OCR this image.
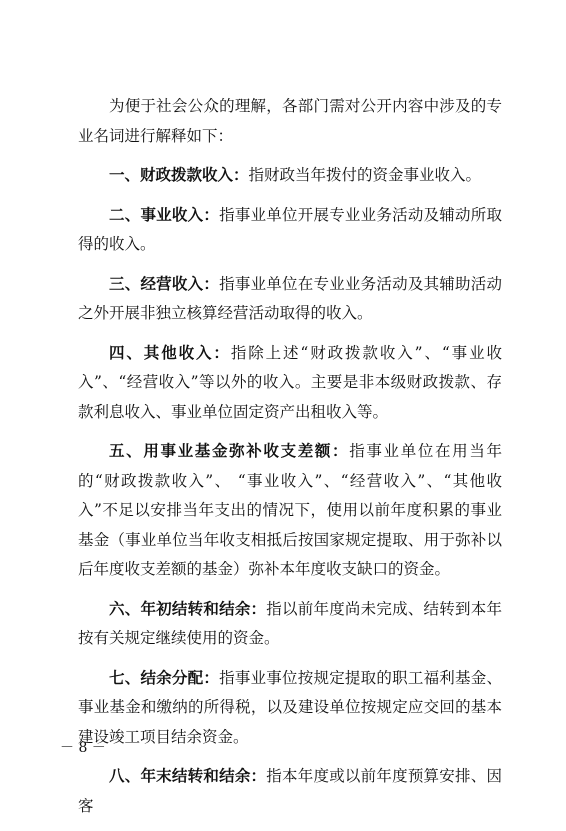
为便于社会公众的理解，各部门需对公开内容中涉及的专业名词进行解释如下：

一、财政拨款收入：指财政当年拨付的资金事业收入。

二、事业收入：指事业单位开展专业业务活动及辅动所取得的收入。

三、经营收入：指事业单位在专业业务活动及其辅助活动之外开展非独立核算经营活动取得的收入。

四、其他收入：指除上述“财政拨款收入”、“事业收入”、“经营收入”等以外的收入。主要是非本级财政拨款、存款利息收入、事业单位固定资产出租收入等。

五、用事业基金弥补收支差额：指事业单位在用当年的“财政拨款收入”、 “事业收入”、“经营收入”、“其他收入”不足以安排当年支出的情况下，使用以前年度积累的事业基金（事业单位当年收支相抵后按国家规定提取、用于弥补以后年度收支差额的基金）弥补本年度收支缺口的资金。

六、年初结转和结余：指以前年度尚未完成、结转到本年按有关规定继续使用的资金。

七、结余分配：指事业事位按规定提取的职工福利基金、事业基金和缴纳的所得税，以及建设单位按规定应交回的基本建设竣工项目结余资金。

八、年末结转和结余：指本年度或以前年度预算安排、因客

－ 8 －
